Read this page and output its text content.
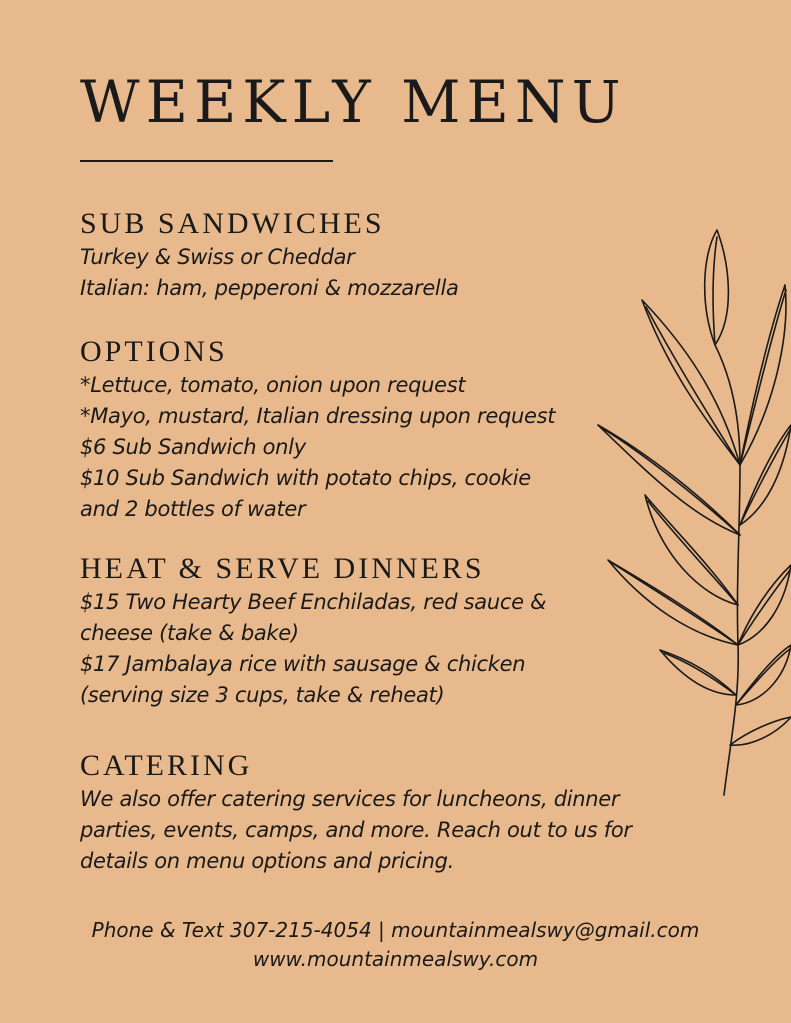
WEEKLY MENU
SUB SANDWICHES

Turkey & Swiss or Cheddar

Italian: ham, pepperoni & mozzarella

OPTIONS

*Lettuce, tomato, onion upon request

*Mayo, mustard, Italian dressing upon request

$6 Sub Sandwich only

$10 Sub Sandwich with potato chips, cookie

and 2 bottles of water

HEAT & SERVE DINNERS

$15 Two Hearty Beef Enchiladas, red sauce &

cheese (take & bake)

$17 Jambalaya rice with sausage & chicken

(serving size 3 cups, take & reheat)

CATERING

We also offer catering services for luncheons, dinner

parties, events, camps, and more. Reach out to us for

details on menu options and pricing.

Phone & Text 307-215-4054 | mountainmealswy@gmail.com
www.mountainmealswy.com
